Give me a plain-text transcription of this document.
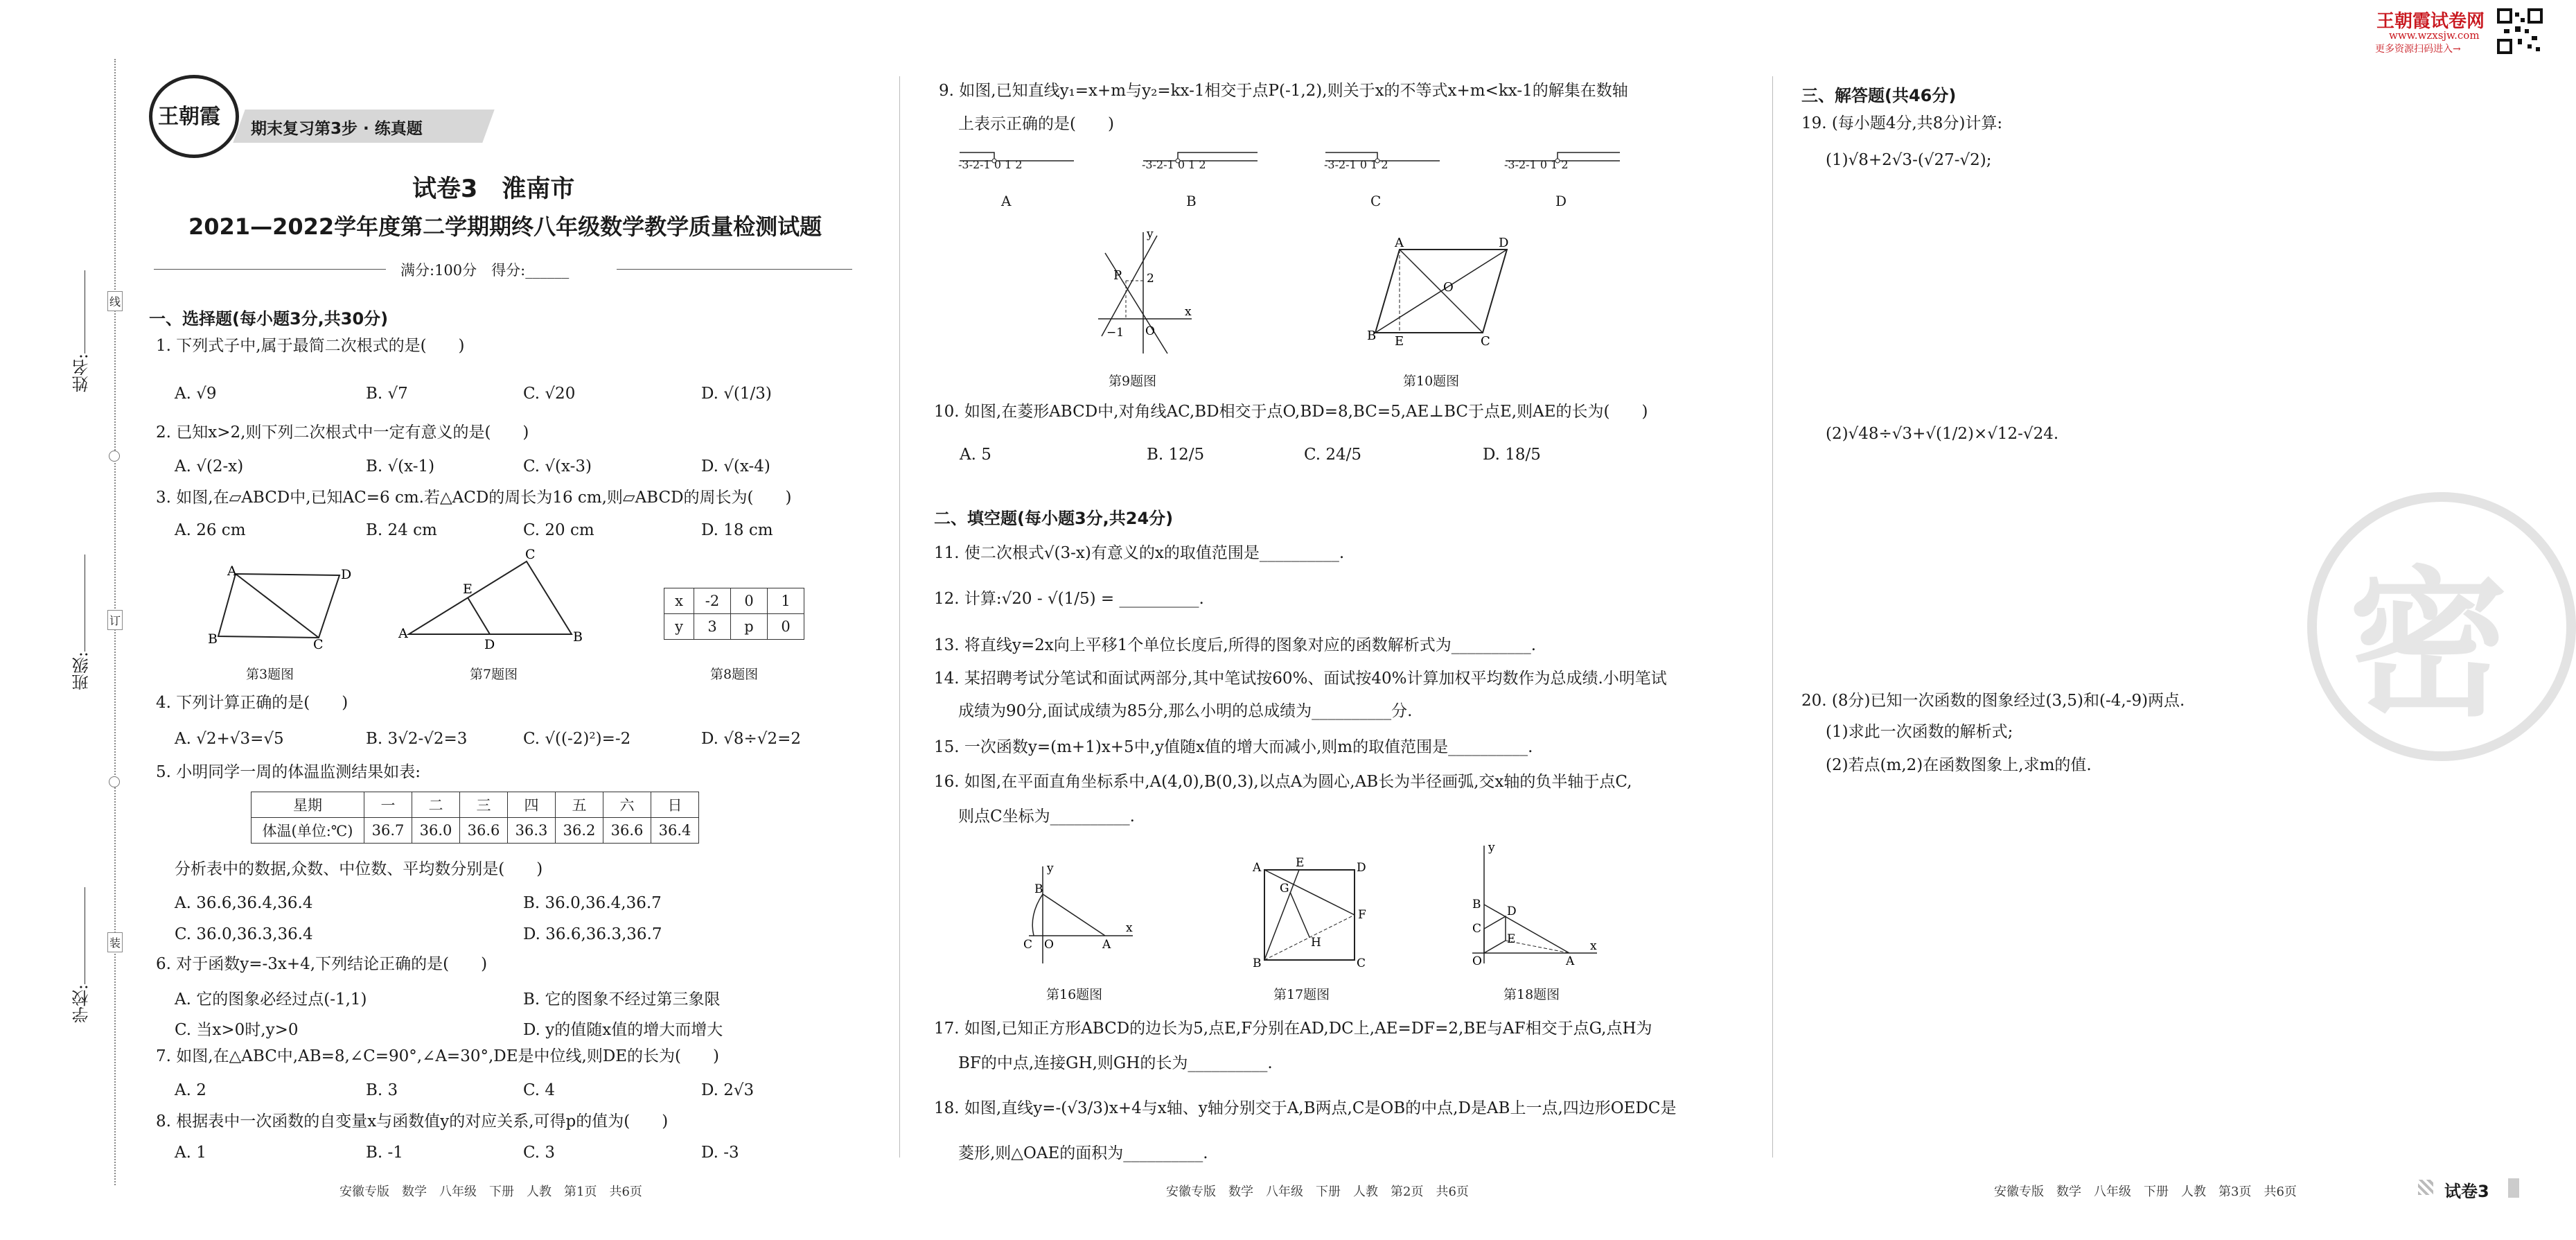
姓名:
班级:
学校:
线
订
装
王朝霞 期末复习第3步 · 练真题
试卷3　淮南市
2021—2022学年度第二学期期终八年级数学教学质量检测试题
满分:100分　得分:______
王朝霞试卷网
www.wzxsjw.com
更多资源扫码进入→
密
一、选择题(每小题3分,共30分)
1. 下列式子中,属于最简二次根式的是(　　)
A. √9	B. √7	C. √20	D. √(1/3)
2. 已知x>2,则下列二次根式中一定有意义的是(　　)
A. √(2-x)	B. √(x-1)	C. √(x-3)	D. √(x-4)
3. 如图,在▱ABCD中,已知AC=6 cm.若△ACD的周长为16 cm,则▱ABCD的周长为(　　)
A. 26 cm	B. 24 cm	C. 20 cm	D. 18 cm
A	D
B	C
第3题图
A	B
C
E
D
第7题图
x	-2	0	1
y	3	p	0
第8题图
4. 下列计算正确的是(　　)
A. √2+√3=√5	B. 3√2-√2=3	C. √((-2)²)=-2	D. √8÷√2=2
5. 小明同学一周的体温监测结果如表:
星期	一	二	三	四	五	六	日
体温(单位:℃)	36.7	36.0	36.6	36.3	36.2	36.6	36.4
分析表中的数据,众数、中位数、平均数分别是(　　)
A. 36.6,36.4,36.4	B. 36.0,36.4,36.7
C. 36.0,36.3,36.4	D. 36.6,36.3,36.7
6. 对于函数y=-3x+4,下列结论正确的是(　　)
A. 它的图象必经过点(-1,1)	B. 它的图象不经过第三象限
C. 当x>0时,y>0	D. y的值随x值的增大而增大
7. 如图,在△ABC中,AB=8,∠C=90°,∠A=30°,DE是中位线,则DE的长为(　　)
A. 2	B. 3	C. 4	D. 2√3
8. 根据表中一次函数的自变量x与函数值y的对应关系,可得p的值为(　　)
A. 1	B. -1	C. 3	D. -3
安徽专版　数学　八年级　下册　人教　第1页　共6页
9. 如图,已知直线y₁=x+m与y₂=kx-1相交于点P(-1,2),则关于x的不等式x+m<kx-1的解集在数轴
上表示正确的是(　　)
-3-2-1 0 1 2
A
-3-2-1 0 1 2
B
-3-2-1 0 1 2
C
-3-2-1 0 1 2
D
P 2
−1 O
x
y
第9题图
A	D
B E	C
O
第10题图
10. 如图,在菱形ABCD中,对角线AC,BD相交于点O,BD=8,BC=5,AE⊥BC于点E,则AE的长为(　　)
A. 5	B. 12/5	C. 24/5	D. 18/5
二、填空题(每小题3分,共24分)
11. 使二次根式√(3-x)有意义的x的取值范围是__________.
12. 计算:√20 - √(1/5) = __________.
13. 将直线y=2x向上平移1个单位长度后,所得的图象对应的函数解析式为__________.
14. 某招聘考试分笔试和面试两部分,其中笔试按60%、面试按40%计算加权平均数作为总成绩.小明笔试
成绩为90分,面试成绩为85分,那么小明的总成绩为__________分.
15. 一次函数y=(m+1)x+5中,y值随x值的增大而减小,则m的取值范围是__________.
16. 如图,在平面直角坐标系中,A(4,0),B(0,3),以点A为圆心,AB长为半径画弧,交x轴的负半轴于点C,
则点C坐标为__________.
B
C O	A
x
y
第16题图
A	E	D
F
B	C
G
H
第17题图
B
C
D
E
O	A
x
y
第18题图
17. 如图,已知正方形ABCD的边长为5,点E,F分别在AD,DC上,AE=DF=2,BE与AF相交于点G,点H为
BF的中点,连接GH,则GH的长为__________.
18. 如图,直线y=-(√3/3)x+4与x轴、y轴分别交于A,B两点,C是OB的中点,D是AB上一点,四边形OEDC是
菱形,则△OAE的面积为__________.
安徽专版　数学　八年级　下册　人教　第2页　共6页
三、解答题(共46分)
19. (每小题4分,共8分)计算:
(1)√8+2√3-(√27-√2);
(2)√48÷√3+√(1/2)×√12-√24.
20. (8分)已知一次函数的图象经过(3,5)和(-4,-9)两点.
(1)求此一次函数的解析式;
(2)若点(m,2)在函数图象上,求m的值.
安徽专版　数学　八年级　下册　人教　第3页　共6页	试卷3
